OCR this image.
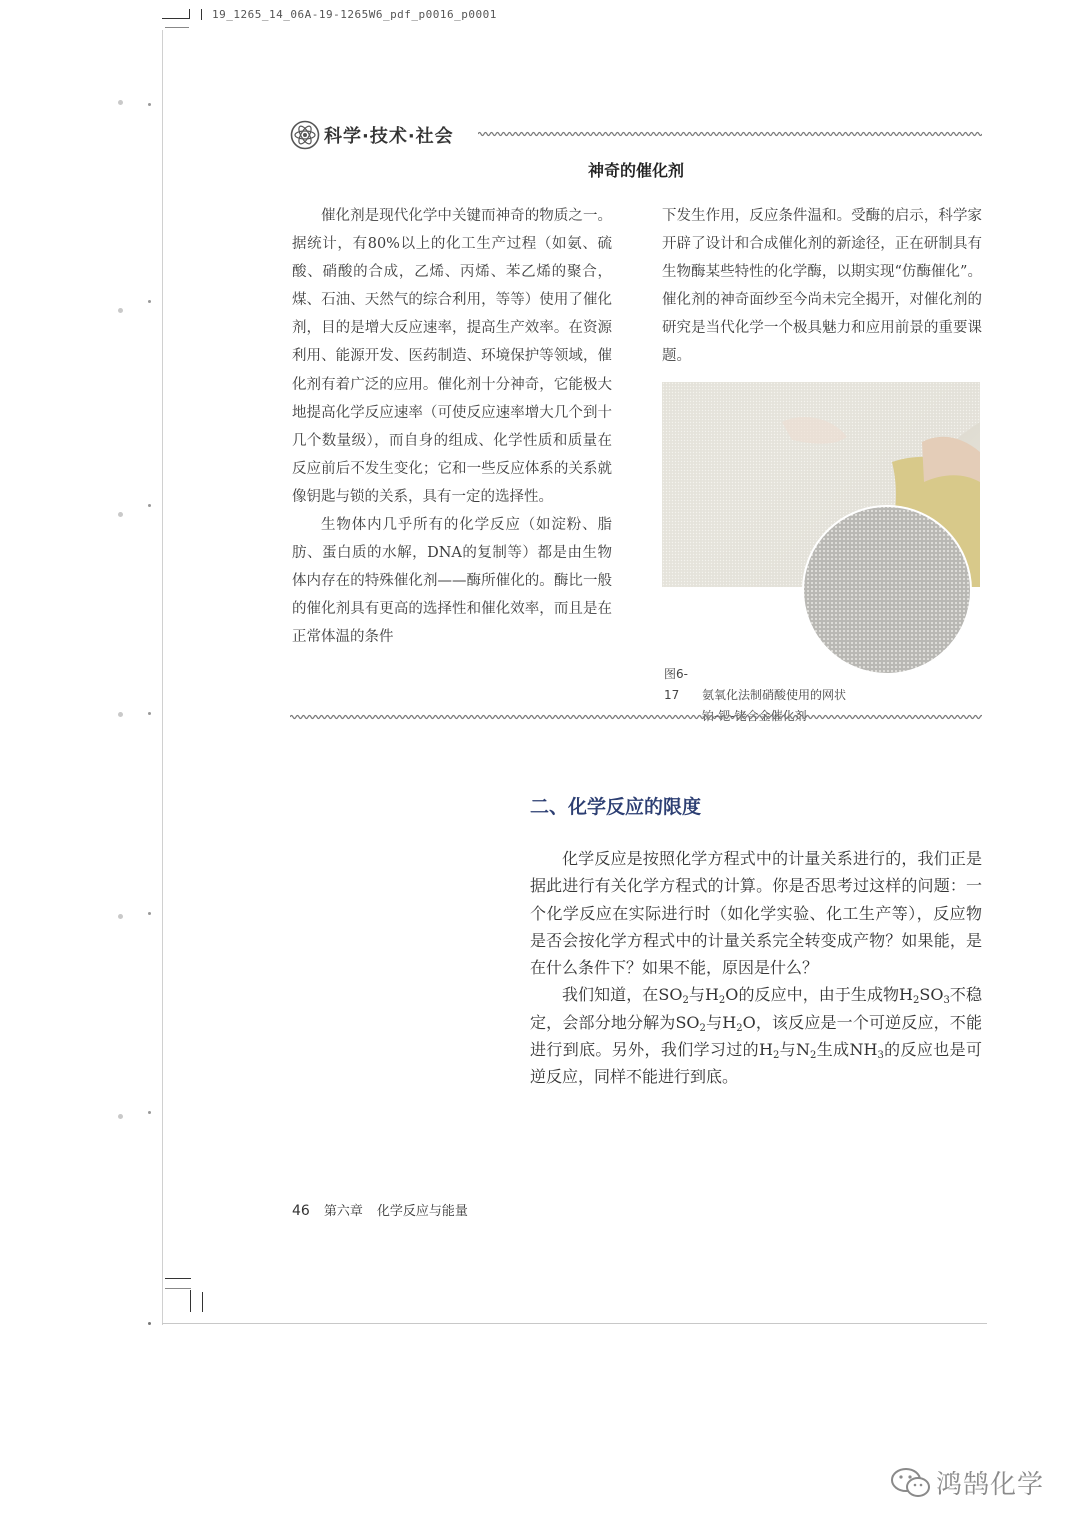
19_1265_14_06A-19-1265W6_pdf_p0016_p0001
科学·技术·社会
神奇的催化剂

催化剂是现代化学中关键而神奇的物质之一。据统计，有80%以上的化工生产过程（如氨、硫酸、硝酸的合成，乙烯、丙烯、苯乙烯的聚合，煤、石油、天然气的综合利用，等等）使用了催化剂，目的是增大反应速率，提高生产效率。在资源利用、能源开发、医药制造、环境保护等领域，催化剂有着广泛的应用。催化剂十分神奇，它能极大地提高化学反应速率（可使反应速率增大几个到十几个数量级），而自身的组成、化学性质和质量在反应前后不发生变化；它和一些反应体系的关系就像钥匙与锁的关系，具有一定的选择性。

生物体内几乎所有的化学反应（如淀粉、脂肪、蛋白质的水解，DNA的复制等）都是由生物体内存在的特殊催化剂——酶所催化的。酶比一般的催化剂具有更高的选择性和催化效率，而且是在正常体温的条件

下发生作用，反应条件温和。受酶的启示，科学家开辟了设计和合成催化剂的新途径，正在研制具有生物酶某些特性的化学酶，以期实现“仿酶催化”。催化剂的神奇面纱至今尚未完全揭开，对催化剂的研究是当代化学一个极具魅力和应用前景的重要课题。

图6-17 氨氧化法制硝酸使用的网状
铂-钯-铑合金催化剂
二、化学反应的限度

化学反应是按照化学方程式中的计量关系进行的，我们正是据此进行有关化学方程式的计算。你是否思考过这样的问题：一个化学反应在实际进行时（如化学实验、化工生产等），反应物是否会按化学方程式中的计量关系完全转变成产物？如果能，是在什么条件下？如果不能，原因是什么？

我们知道，在$SO_2$与$H_2O$的反应中，由于生成物$H_2SO_3$不稳定，会部分地分解为$SO_2$与$H_2O$，该反应是一个可逆反应，不能进行到底。另外，我们学习过的$H_2$与$N_2$生成$NH_3$的反应也是可逆反应，同样不能进行到底。

46 第六章 化学反应与能量
鸿鹄化学
